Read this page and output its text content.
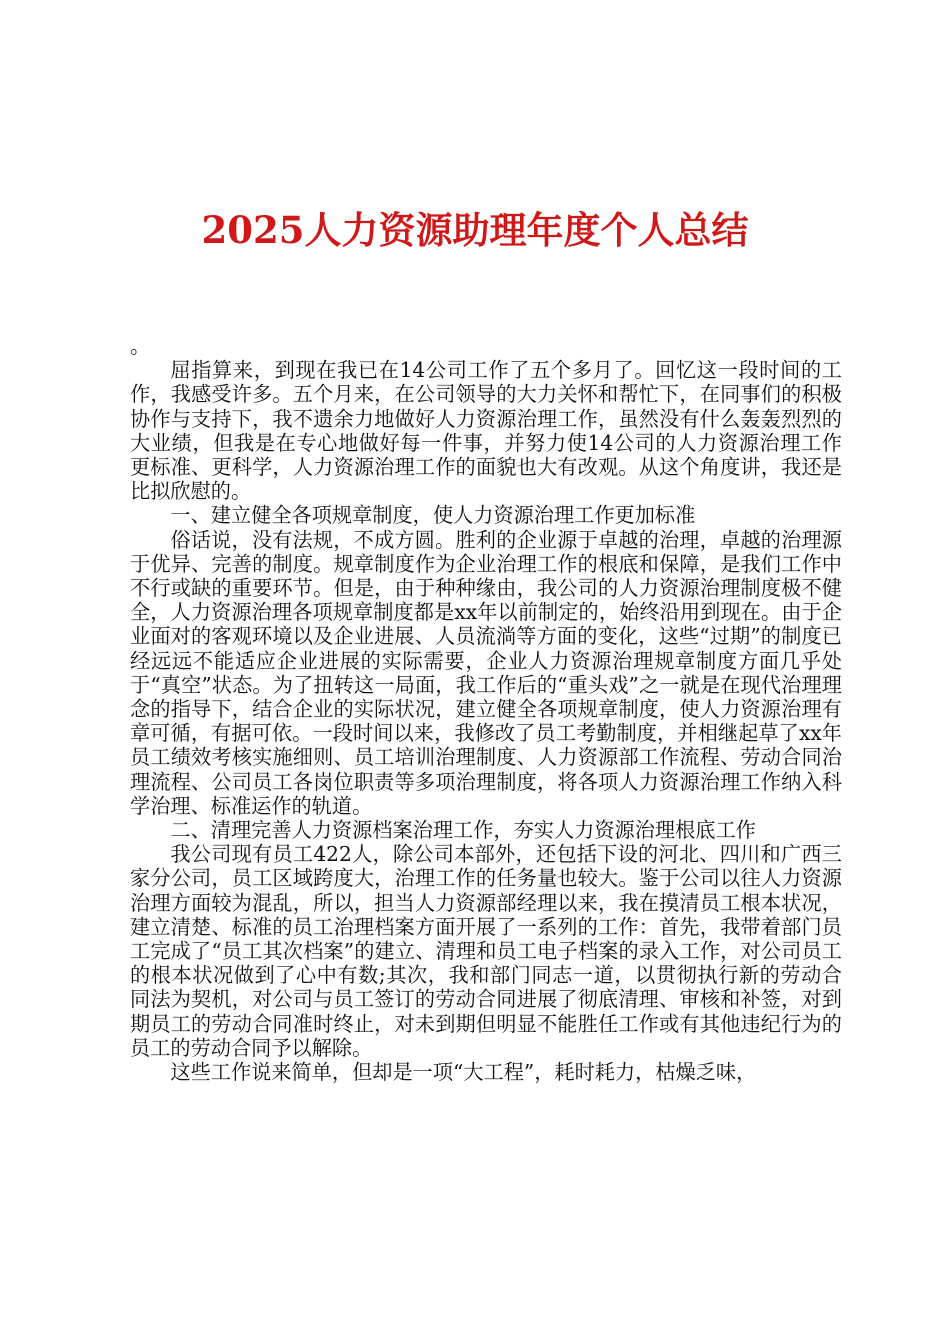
2025人力资源助理年度个人总结

。

屈指算来，到现在我已在14公司工作了五个多月了。回忆这一段时间的工作，我感受许多。五个月来，在公司领导的大力关怀和帮忙下，在同事们的积极协作与支持下，我不遗余力地做好人力资源治理工作，虽然没有什么轰轰烈烈的大业绩，但我是在专心地做好每一件事，并努力使14公司的人力资源治理工作更标准、更科学，人力资源治理工作的面貌也大有改观。从这个角度讲，我还是比拟欣慰的。

一、建立健全各项规章制度，使人力资源治理工作更加标准

俗话说，没有法规，不成方圆。胜利的企业源于卓越的治理，卓越的治理源于优异、完善的制度。规章制度作为企业治理工作的根底和保障，是我们工作中不行或缺的重要环节。但是，由于种种缘由，我公司的人力资源治理制度极不健全，人力资源治理各项规章制度都是xx年以前制定的，始终沿用到现在。由于企业面对的客观环境以及企业进展、人员流淌等方面的变化，这些“过期”的制度已经远远不能适应企业进展的实际需要，企业人力资源治理规章制度方面几乎处于“真空”状态。为了扭转这一局面，我工作后的“重头戏”之一就是在现代治理理念的指导下，结合企业的实际状况，建立健全各项规章制度，使人力资源治理有章可循，有据可依。一段时间以来，我修改了员工考勤制度，并相继起草了xx年员工绩效考核实施细则、员工培训治理制度、人力资源部工作流程、劳动合同治理流程、公司员工各岗位职责等多项治理制度，将各项人力资源治理工作纳入科学治理、标准运作的轨道。

二、清理完善人力资源档案治理工作，夯实人力资源治理根底工作

我公司现有员工422人，除公司本部外，还包括下设的河北、四川和广西三家分公司，员工区域跨度大，治理工作的任务量也较大。鉴于公司以往人力资源治理方面较为混乱，所以，担当人力资源部经理以来，我在摸清员工根本状况，建立清楚、标准的员工治理档案方面开展了一系列的工作：首先，我带着部门员工完成了“员工其次档案”的建立、清理和员工电子档案的录入工作，对公司员工的根本状况做到了心中有数;其次，我和部门同志一道，以贯彻执行新的劳动合同法为契机，对公司与员工签订的劳动合同进展了彻底清理、审核和补签，对到期员工的劳动合同准时终止，对未到期但明显不能胜任工作或有其他违纪行为的员工的劳动合同予以解除。

这些工作说来简单，但却是一项“大工程”，耗时耗力，枯燥乏味，
